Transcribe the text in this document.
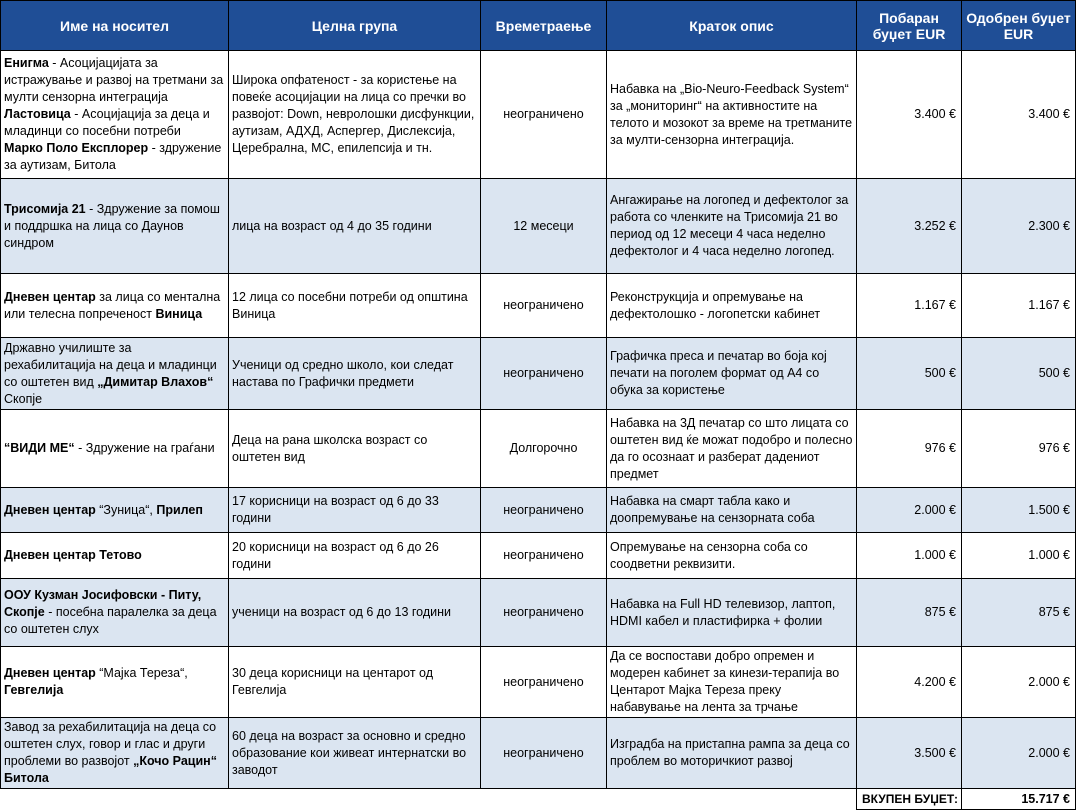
Име на носител	Целна група	Времетраење	Краток опис	Побаран буџет EUR	Одобрен буџет EUR
Енигма - Асоцијацијата за истражување и развој на третмани за мулти сензорна интеграција
Ластовица - Асоцијација за деца и млaдинци со посебни потреби
Марко Поло Експлорер - здружение за аутизам, Битола	Широка опфатеност - за користење на повеќе асоцијации на лица со пречки во развојот: Down, невролошки дисфункции, аутизам, АДХД, Аспергер, Дислексија, Церебрална, МС, епилепсија и тн.	неограничено	Набавка на „Bio-Neuro-Feedback System“ за „мониторинг“ на активностите на телото и мозокот за време на третманите за мулти-сензорна интеграција.	3.400 €	3.400 €
Трисомија 21 - Здружение за помош и поддршка на лица со Даунов синдром	лица на возраст од 4 до 35 години	12 месеци	Ангажирање на логопед и дефектолог за работа со членките на Трисомија 21 во период од 12 месеци 4 часа неделно дефектолог и 4 часа неделно логопед.	3.252 €	2.300 €
Дневен центар за лица со ментална или телесна попреченост Виница	12 лица со посебни потреби од општина Виница	неограничено	Реконструкција и опремување на дефектолошко - логопетски кабинет	1.167 €	1.167 €
Државно училиште за рехабилитација на деца и младинци со оштетен вид „Димитар Влахов“ Скопје	Ученици од средно школо, кои следат настава по Графички предмети	неограничено	Графичка преса и печатар во боја кој печати на поголем формат од А4 со обука за користење	500 €	500 €
“ВИДИ МЕ“ - Здружение на граѓани	Деца на рана школска возраст со оштетен вид	Долгорочно	Набавка на 3Д печатар со што лицата со оштетен вид ќе можат подобро и полесно да го осознаат и разберат дадениот предмет	976 €	976 €
Дневен центар “Зуница“, Прилеп	17 корисници на возраст од 6 до 33 години	неограничено	Набавка на смарт табла како и доопремување на сензорната соба	2.000 €	1.500 €
Дневен центар Тетово	20 корисници на возраст од 6 до 26 години	неограничено	Опремување на сензорна соба со соодветни реквизити.	1.000 €	1.000 €
ООУ Кузман Јосифовски - Питу, Скопје - посебна паралелка за деца со оштетен слух	ученици на возраст од 6 до 13 години	неограничено	Набавка на Full HD телевизор, лаптоп, HDMI кабел и пластифирка + фолии	875 €	875 €
Дневен центар “Мајка Тереза“, Гевгелија	30 деца корисници на центарот од Гевгелија	неограничено	Да се воспостави добро опремен и модерен кабинет за кинези-терапија во Центарот Мајка Тереза преку набавување на лента за трчање	4.200 €	2.000 €
Завод за рехабилитација на деца со оштетен слух, говор и глас и други проблеми во развојот „Кочо Рацин“ Битола	60 деца на возраст за основно и средно образование кои живеат интернатски во заводот	неограничено	Изградба на пристапна рампа за деца со проблем во моторичкиот развој	3.500 €	2.000 €
				ВКУПЕН БУЏЕТ:	15.717 €
